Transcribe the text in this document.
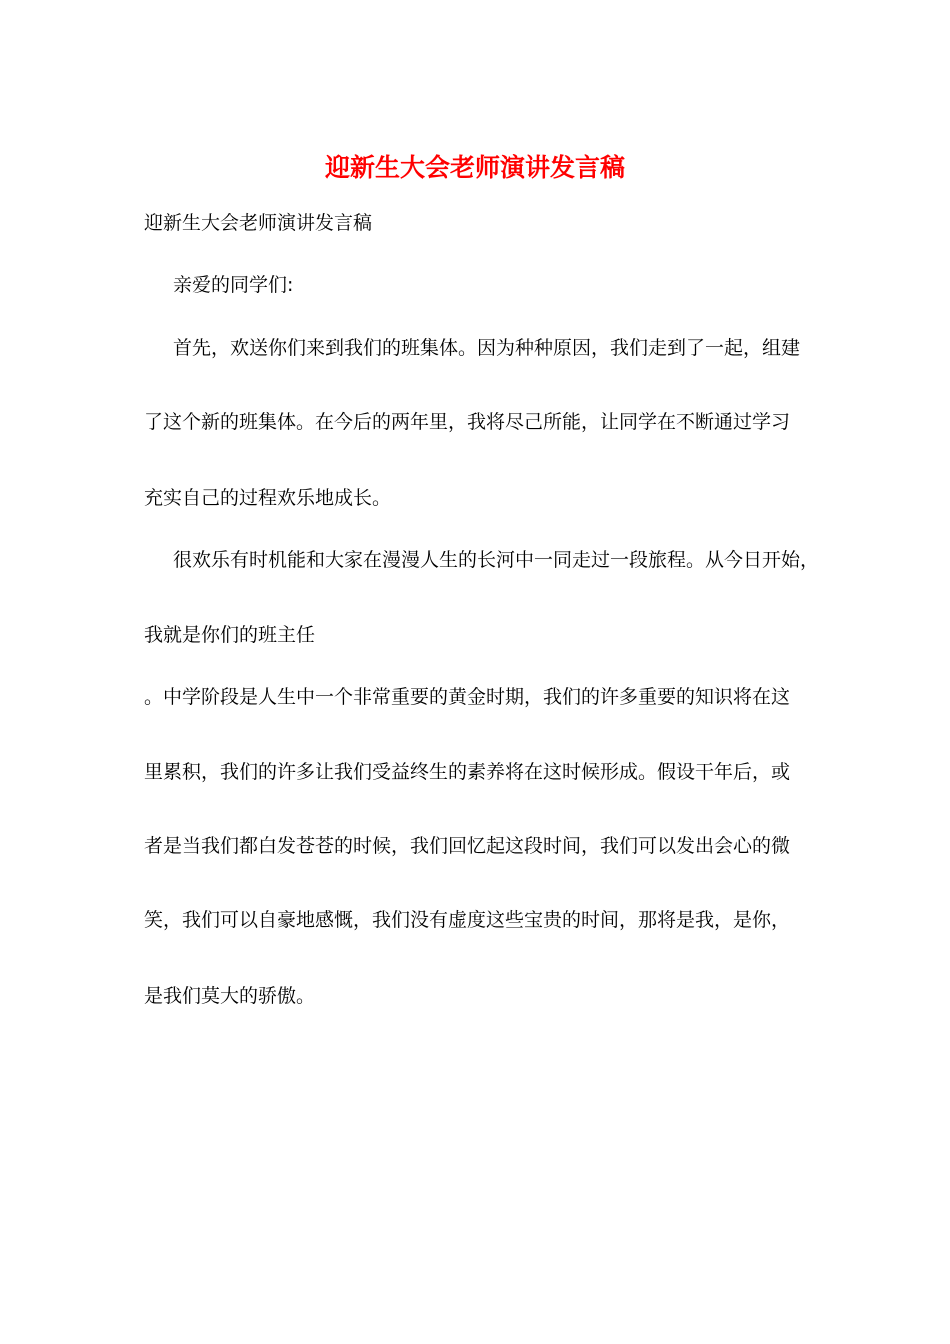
迎新生大会老师演讲发言稿
迎新生大会老师演讲发言稿
亲爱的同学们:
首先，欢送你们来到我们的班集体。因为种种原因，我们走到了一起，组建
了这个新的班集体。在今后的两年里，我将尽己所能，让同学在不断通过学习
充实自己的过程欢乐地成长。
很欢乐有时机能和大家在漫漫人生的长河中一同走过一段旅程。从今日开始，
我就是你们的班主任
。中学阶段是人生中一个非常重要的黄金时期，我们的许多重要的知识将在这
里累积，我们的许多让我们受益终生的素养将在这时候形成。假设干年后，或
者是当我们都白发苍苍的时候，我们回忆起这段时间，我们可以发出会心的微
笑，我们可以自豪地感慨，我们没有虚度这些宝贵的时间，那将是我，是你，
是我们莫大的骄傲。
